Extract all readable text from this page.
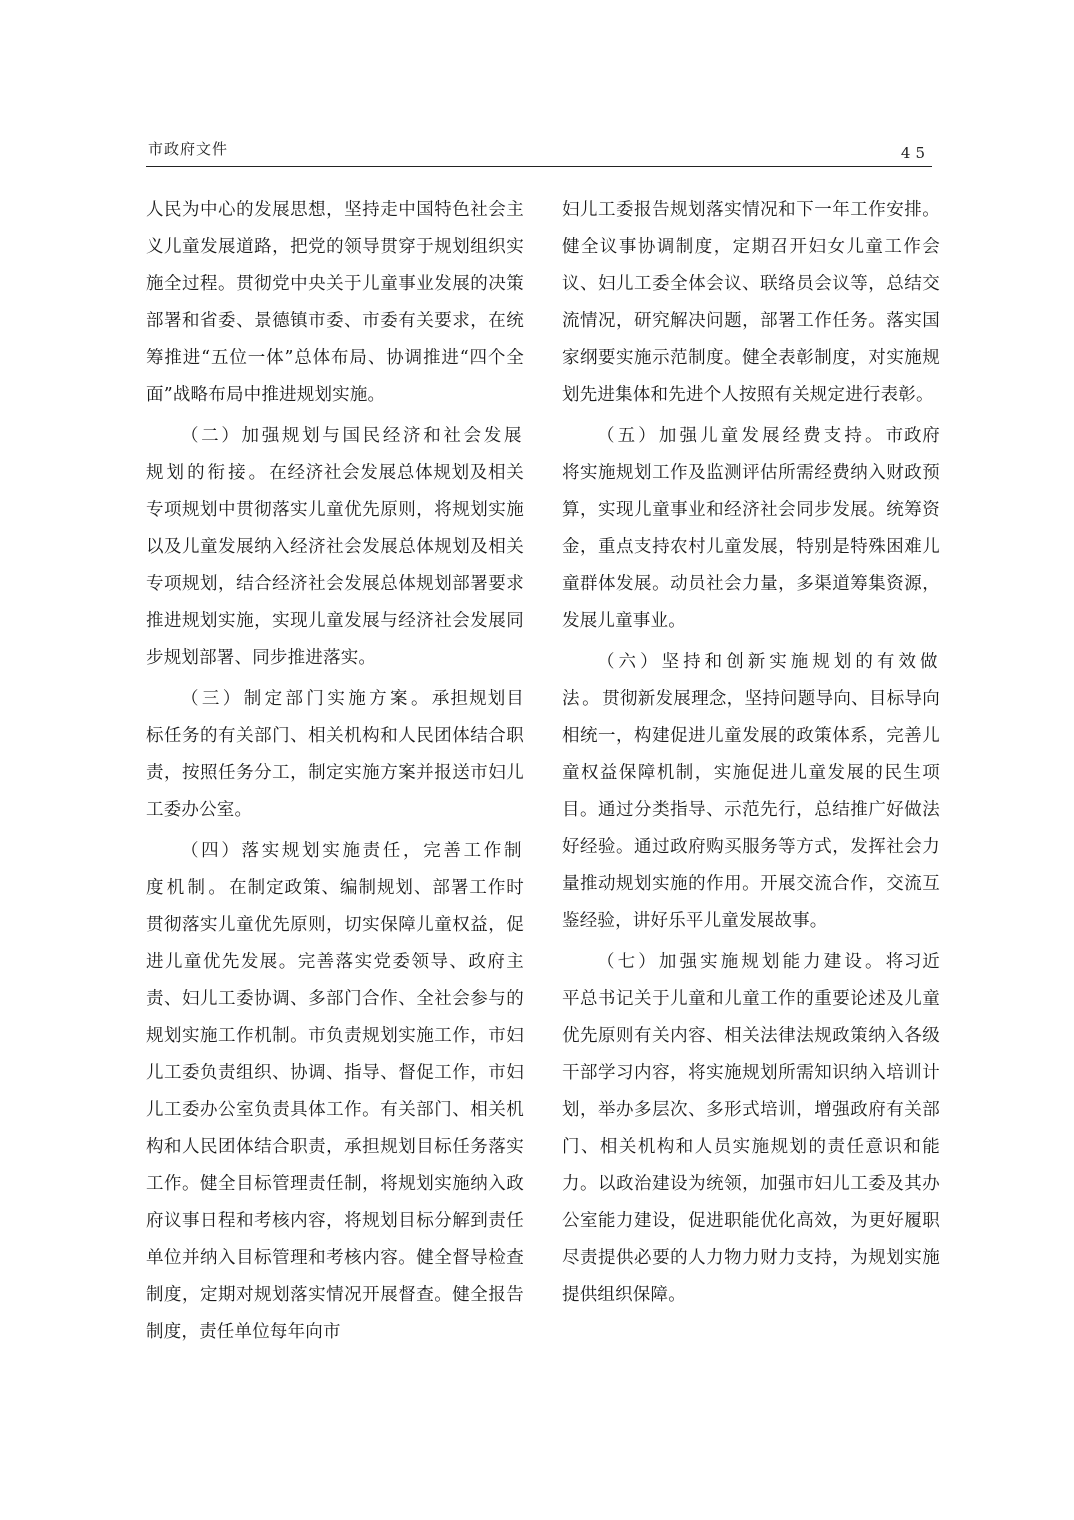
市政府文件	45

人民为中心的发展思想，坚持走中国特色社会主义儿童发展道路，把党的领导贯穿于规划组织实施全过程。贯彻党中央关于儿童事业发展的决策部署和省委、景德镇市委、市委有关要求，在统筹推进“五位一体”总体布局、协调推进“四个全面”战略布局中推进规划实施。

（二）加强规划与国民经济和社会发展规划的衔接。在经济社会发展总体规划及相关专项规划中贯彻落实儿童优先原则，将规划实施以及儿童发展纳入经济社会发展总体规划及相关专项规划，结合经济社会发展总体规划部署要求推进规划实施，实现儿童发展与经济社会发展同步规划部署、同步推进落实。

（三）制定部门实施方案。承担规划目标任务的有关部门、相关机构和人民团体结合职责，按照任务分工，制定实施方案并报送市妇儿工委办公室。

（四）落实规划实施责任，完善工作制度机制。在制定政策、编制规划、部署工作时贯彻落实儿童优先原则，切实保障儿童权益，促进儿童优先发展。完善落实党委领导、政府主责、妇儿工委协调、多部门合作、全社会参与的规划实施工作机制。市负责规划实施工作，市妇儿工委负责组织、协调、指导、督促工作，市妇儿工委办公室负责具体工作。有关部门、相关机构和人民团体结合职责，承担规划目标任务落实工作。健全目标管理责任制，将规划实施纳入政府议事日程和考核内容，将规划目标分解到责任单位并纳入目标管理和考核内容。健全督导检查制度，定期对规划落实情况开展督查。健全报告制度，责任单位每年向市

妇儿工委报告规划落实情况和下一年工作安排。健全议事协调制度，定期召开妇女儿童工作会议、妇儿工委全体会议、联络员会议等，总结交流情况，研究解决问题，部署工作任务。落实国家纲要实施示范制度。健全表彰制度，对实施规划先进集体和先进个人按照有关规定进行表彰。

（五）加强儿童发展经费支持。市政府将实施规划工作及监测评估所需经费纳入财政预算，实现儿童事业和经济社会同步发展。统筹资金，重点支持农村儿童发展，特别是特殊困难儿童群体发展。动员社会力量，多渠道筹集资源，发展儿童事业。

（六）坚持和创新实施规划的有效做法。贯彻新发展理念，坚持问题导向、目标导向相统一，构建促进儿童发展的政策体系，完善儿童权益保障机制，实施促进儿童发展的民生项目。通过分类指导、示范先行，总结推广好做法好经验。通过政府购买服务等方式，发挥社会力量推动规划实施的作用。开展交流合作，交流互鉴经验，讲好乐平儿童发展故事。

（七）加强实施规划能力建设。将习近平总书记关于儿童和儿童工作的重要论述及儿童优先原则有关内容、相关法律法规政策纳入各级干部学习内容，将实施规划所需知识纳入培训计划，举办多层次、多形式培训，增强政府有关部门、相关机构和人员实施规划的责任意识和能力。以政治建设为统领，加强市妇儿工委及其办公室能力建设，促进职能优化高效，为更好履职尽责提供必要的人力物力财力支持，为规划实施提供组织保障。
